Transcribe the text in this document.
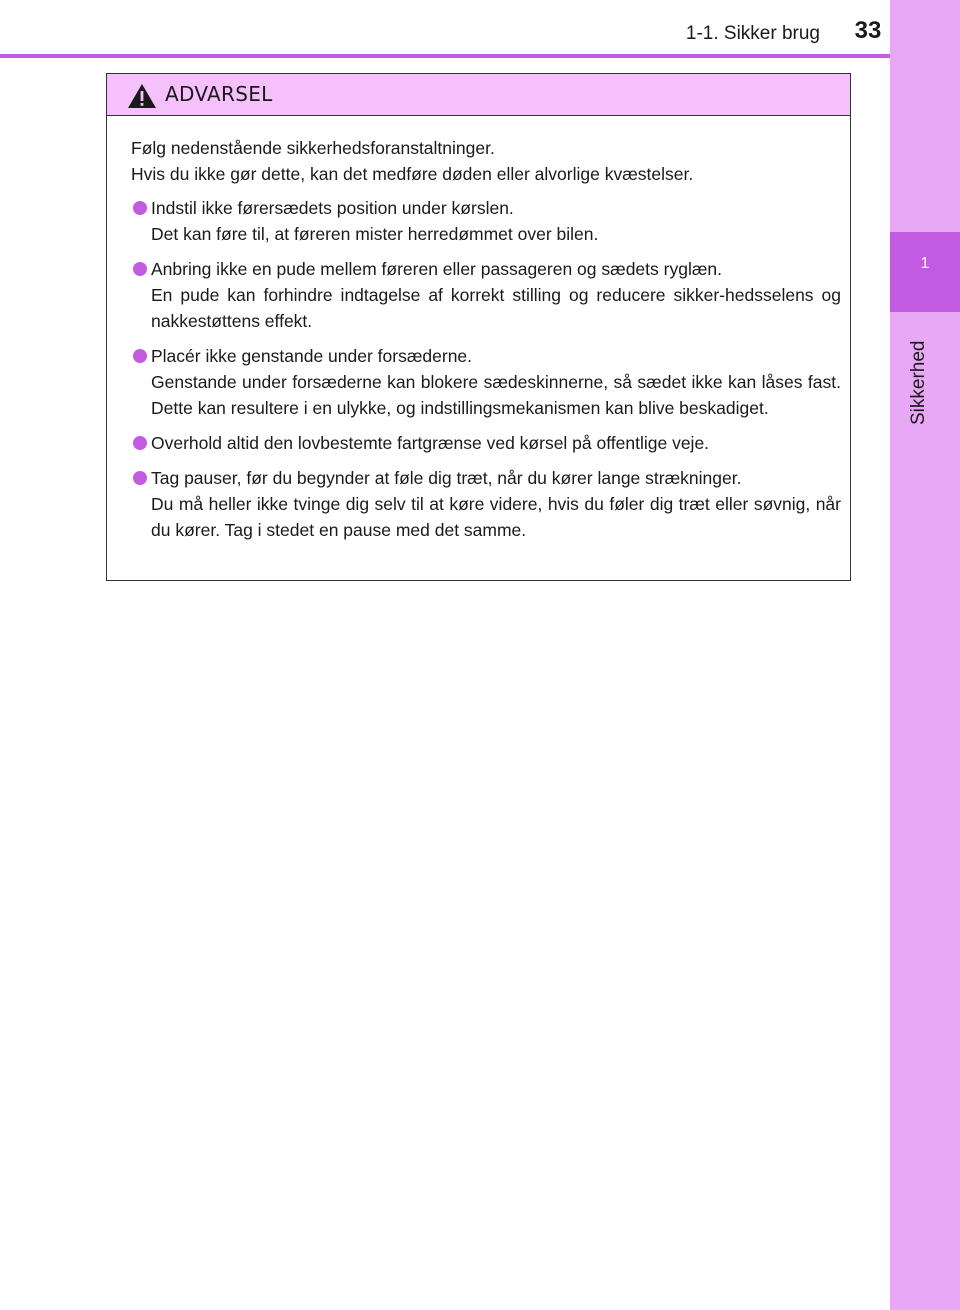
1-1. Sikker brug 33
1
Sikkerhed
ADVARSEL

Følg nedenstående sikkerhedsforanstaltninger.

Hvis du ikke gør dette, kan det medføre døden eller alvorlige kvæstelser.

Indstil ikke førersædets position under kørslen.

Det kan føre til, at føreren mister herredømmet over bilen.

Anbring ikke en pude mellem føreren eller passageren og sædets ryglæn.

En pude kan forhindre indtagelse af korrekt stilling og reducere sikker-hedsselens og nakkestøttens effekt.

Placér ikke genstande under forsæderne.

Genstande under forsæderne kan blokere sædeskinnerne, så sædet ikke kan låses fast. Dette kan resultere i en ulykke, og indstillingsmekanismen kan blive beskadiget.

Overhold altid den lovbestemte fartgrænse ved kørsel på offentlige veje.

Tag pauser, før du begynder at føle dig træt, når du kører lange strækninger.

Du må heller ikke tvinge dig selv til at køre videre, hvis du føler dig træt eller søvnig, når du kører. Tag i stedet en pause med det samme.
